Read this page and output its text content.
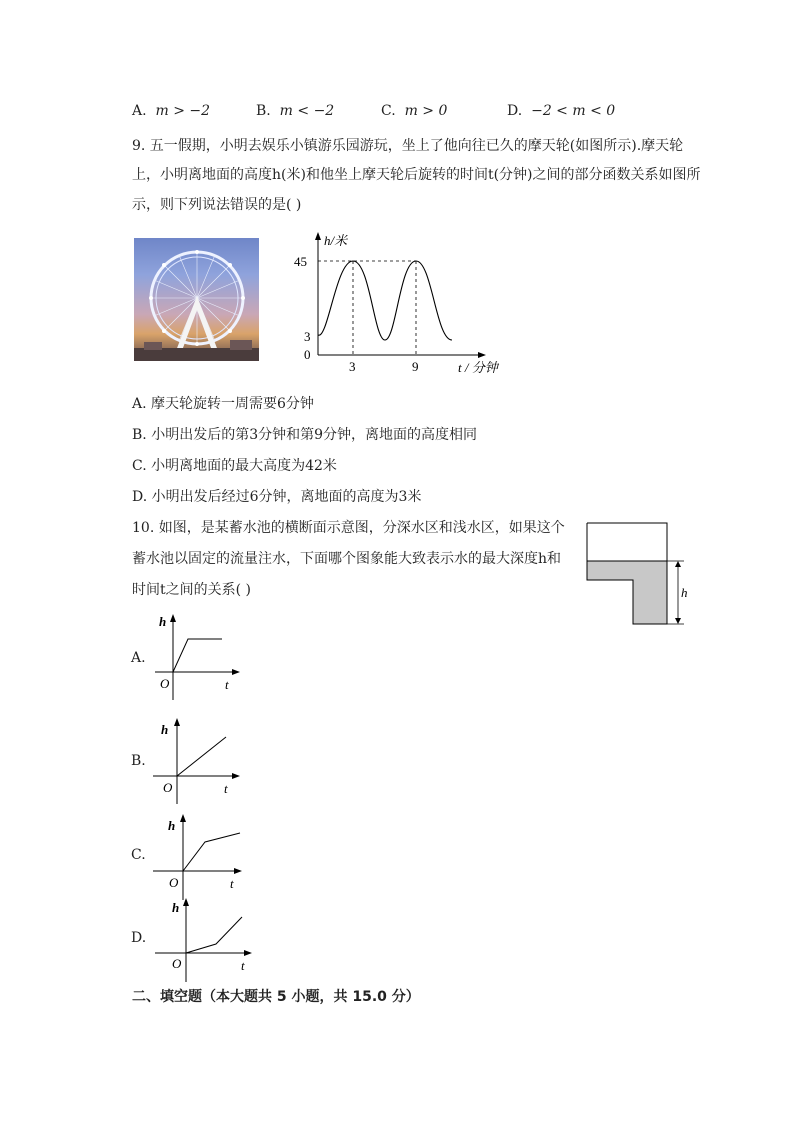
A. m > −2	B. m < −2	C. m > 0	D. −2 < m < 0
9. 五一假期，小明去娱乐小镇游乐园游玩，坐上了他向往已久的摩天轮(如图所示).摩天轮
上，小明离地面的高度h(米)和他坐上摩天轮后旋转的时间t(分钟)之间的部分函数关系如图所
示，则下列说法错误的是( )
h/米
45
3
0
3	9	t / 分钟
A. 摩天轮旋转一周需要6分钟
B. 小明出发后的第3分钟和第9分钟，离地面的高度相同
C. 小明离地面的最大高度为42米
D. 小明出发后经过6分钟，离地面的高度为3米
10. 如图，是某蓄水池的横断面示意图，分深水区和浅水区，如果这个
蓄水池以固定的流量注水，下面哪个图象能大致表示水的最大深度h和
时间t之间的关系( )	h
A.
h
O	t
B.
h
O	t
C.
h
O	t
D.
h
O	t
二、填空题（本大题共 5 小题，共 15.0 分）
